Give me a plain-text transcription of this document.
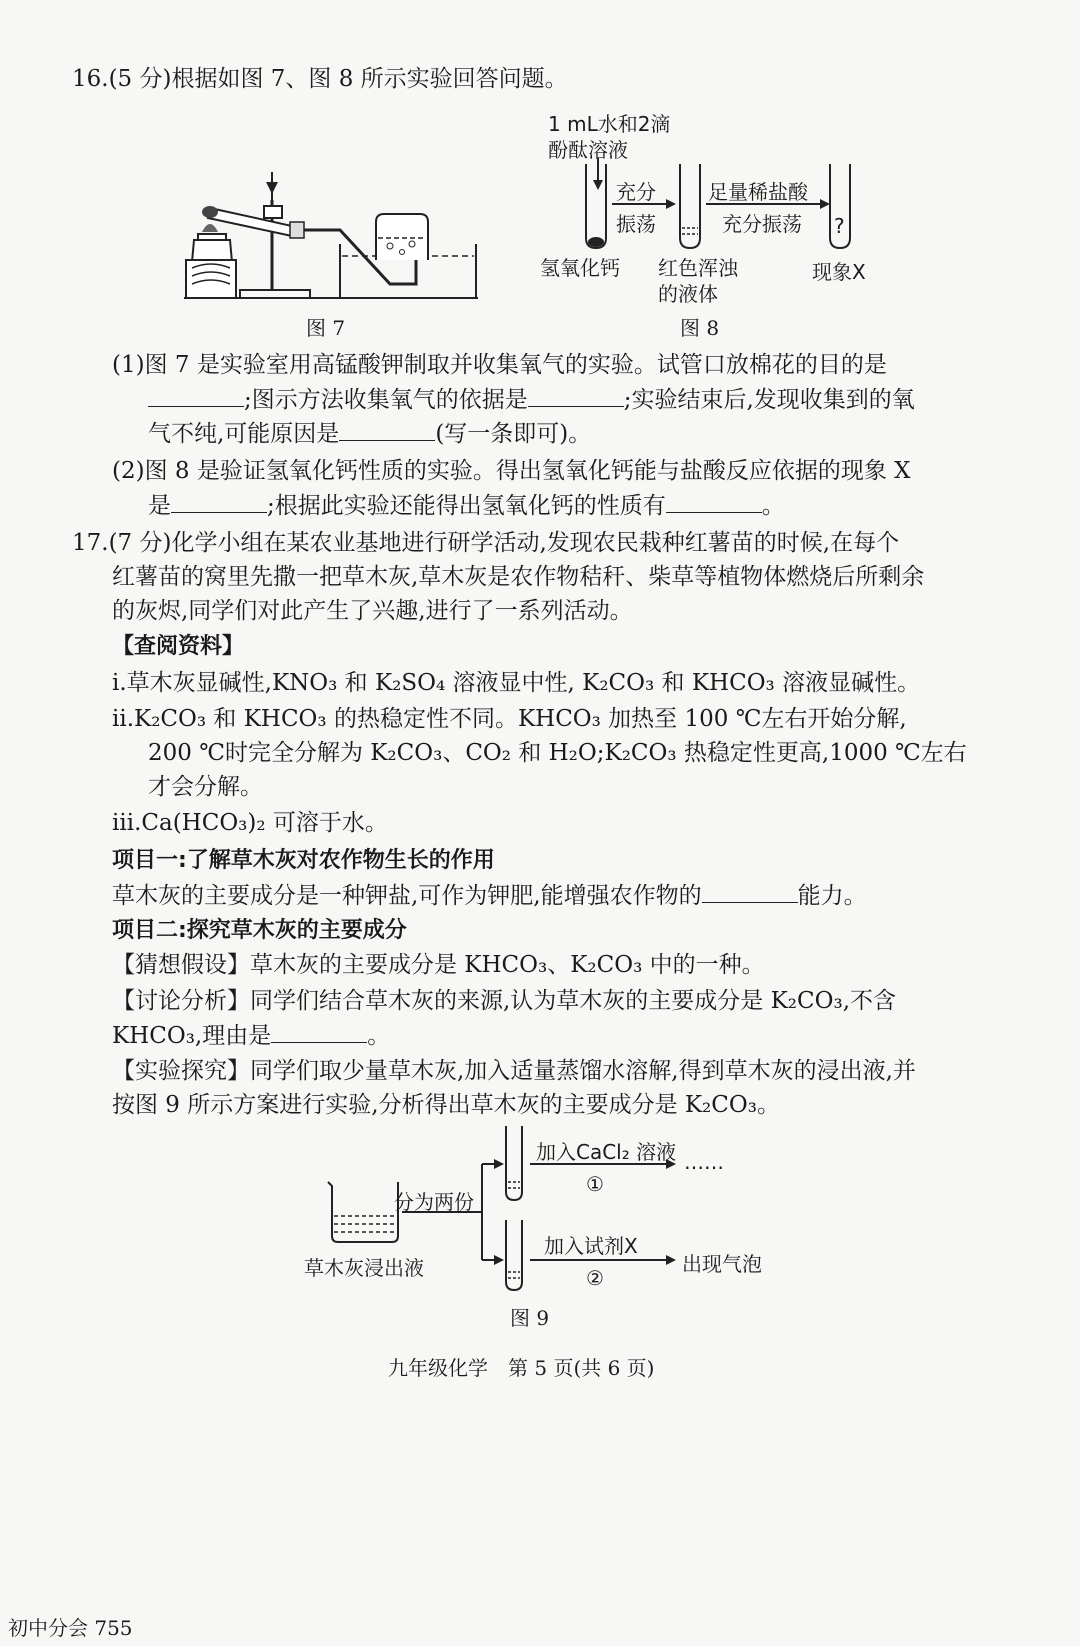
16.(5 分)根据如图 7、图 8 所示实验回答问题。
图 7
1 mL水和2滴
酚酞溶液
充分
振荡
足量稀盐酸
充分振荡 ?
氢氧化钙 红色浑浊
的液体
现象X
图 8
(1)图 7 是实验室用高锰酸钾制取并收集氧气的实验。试管口放棉花的目的是
;图示方法收集氧气的依据是	;实验结束后,发现收集到的氧
气不纯,可能原因是	(写一条即可)。
(2)图 8 是验证氢氧化钙性质的实验。得出氢氧化钙能与盐酸反应依据的现象 X
是	;根据此实验还能得出氢氧化钙的性质有	。
17.(7 分)化学小组在某农业基地进行研学活动,发现农民栽种红薯苗的时候,在每个
红薯苗的窝里先撒一把草木灰,草木灰是农作物秸秆、柴草等植物体燃烧后所剩余
的灰烬,同学们对此产生了兴趣,进行了一系列活动。
【查阅资料】
ⅰ.草木灰显碱性,KNO₃ 和 K₂SO₄ 溶液显中性, K₂CO₃ 和 KHCO₃ 溶液显碱性。
ⅱ.K₂CO₃ 和 KHCO₃ 的热稳定性不同。KHCO₃ 加热至 100 ℃左右开始分解,
200 ℃时完全分解为 K₂CO₃、CO₂ 和 H₂O;K₂CO₃ 热稳定性更高,1000 ℃左右
才会分解。
ⅲ.Ca(HCO₃)₂ 可溶于水。
项目一:了解草木灰对农作物生长的作用
草木灰的主要成分是一种钾盐,可作为钾肥,能增强农作物的	能力。
项目二:探究草木灰的主要成分
【猜想假设】草木灰的主要成分是 KHCO₃、K₂CO₃ 中的一种。
【讨论分析】同学们结合草木灰的来源,认为草木灰的主要成分是 K₂CO₃,不含
KHCO₃,理由是	。
【实验探究】同学们取少量草木灰,加入适量蒸馏水溶解,得到草木灰的浸出液,并
按图 9 所示方案进行实验,分析得出草木灰的主要成分是 K₂CO₃。
分为两份
草木灰浸出液
加入CaCl₂ 溶液
①
……
加入试剂X
②
出现气泡
图 9
九年级化学　第 5 页(共 6 页)
初中分会 755
